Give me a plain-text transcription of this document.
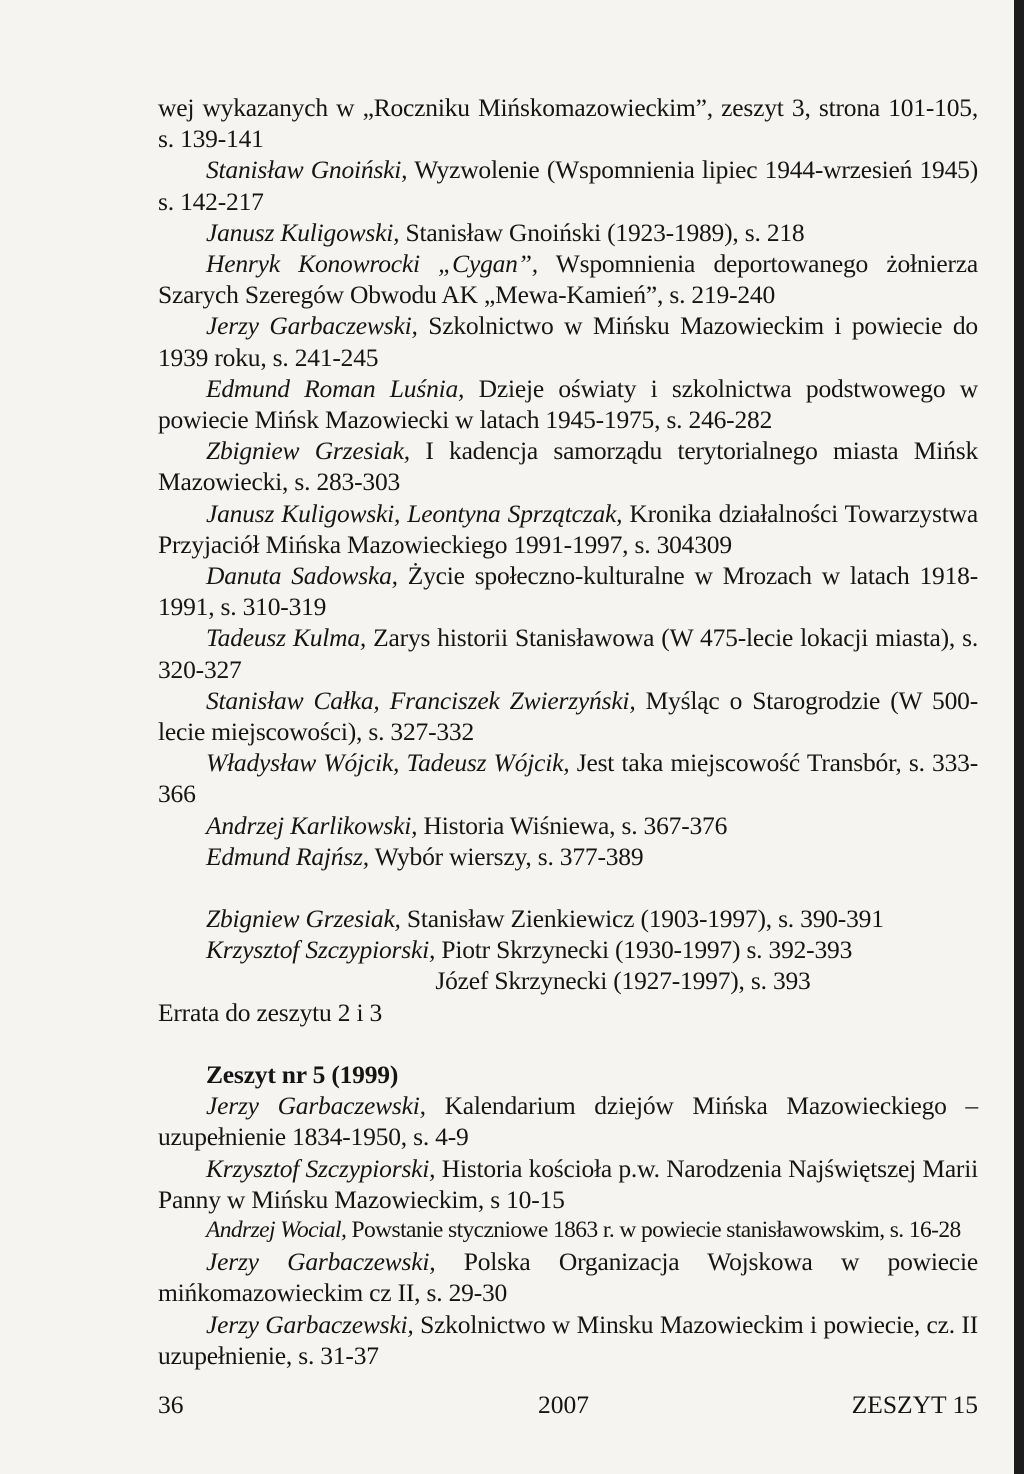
wej wykazanych w „Roczniku Mińskomazowieckim”, zeszyt 3, strona 101-105, s. 139-141

Stanisław Gnoiński, Wyzwolenie (Wspomnienia lipiec 1944-wrzesień 1945) s. 142-217

Janusz Kuligowski, Stanisław Gnoiński (1923-1989), s. 218

Henryk Konowrocki „Cygan”, Wspomnienia deportowanego żołnierza Szarych Szeregów Obwodu AK „Mewa-Kamień”, s. 219-240

Jerzy Garbaczewski, Szkolnictwo w Mińsku Mazowieckim i powiecie do 1939 roku, s. 241-245

Edmund Roman Luśnia, Dzieje oświaty i szkolnictwa podstwowego w powiecie Mińsk Mazowiecki w latach 1945-1975, s. 246-282

Zbigniew Grzesiak, I kadencja samorządu terytorialnego miasta Mińsk Mazowiecki, s. 283-303

Janusz Kuligowski, Leontyna Sprzątczak, Kronika działalności Towarzystwa Przyjaciół Mińska Mazowieckiego 1991-1997, s. 304309

Danuta Sadowska, Życie społeczno-kulturalne w Mrozach w latach 1918-1991, s. 310-319

Tadeusz Kulma, Zarys historii Stanisławowa (W 475-lecie lokacji miasta), s. 320-327

Stanisław Całka, Franciszek Zwierzyński, Myśląc o Starogrodzie (W 500-lecie miejscowości), s. 327-332

Władysław Wójcik, Tadeusz Wójcik, Jest taka miejscowość Transbór, s. 333-366

Andrzej Karlikowski, Historia Wiśniewa, s. 367-376

Edmund Rajńsz, Wybór wierszy, s. 377-389

Zbigniew Grzesiak, Stanisław Zienkiewicz (1903-1997), s. 390-391

Krzysztof Szczypiorski, Piotr Skrzynecki (1930-1997) s. 392-393

Józef Skrzynecki (1927-1997), s. 393

Errata do zeszytu 2 i 3

Zeszyt nr 5 (1999)

Jerzy Garbaczewski, Kalendarium dziejów Mińska Mazowieckiego – uzupełnienie 1834-1950, s. 4-9

Krzysztof Szczypiorski, Historia kościoła p.w. Narodzenia Najświętszej Marii Panny w Mińsku Mazowieckim, s 10-15

Andrzej Wocial, Powstanie styczniowe 1863 r. w powiecie stanisławowskim, s. 16-28

Jerzy Garbaczewski, Polska Organizacja Wojskowa w powiecie mińkomazowieckim cz II, s. 29-30

Jerzy Garbaczewski, Szkolnictwo w Minsku Mazowieckim i powiecie, cz. II uzupełnienie, s. 31-37

36	2007	ZESZYT 15
